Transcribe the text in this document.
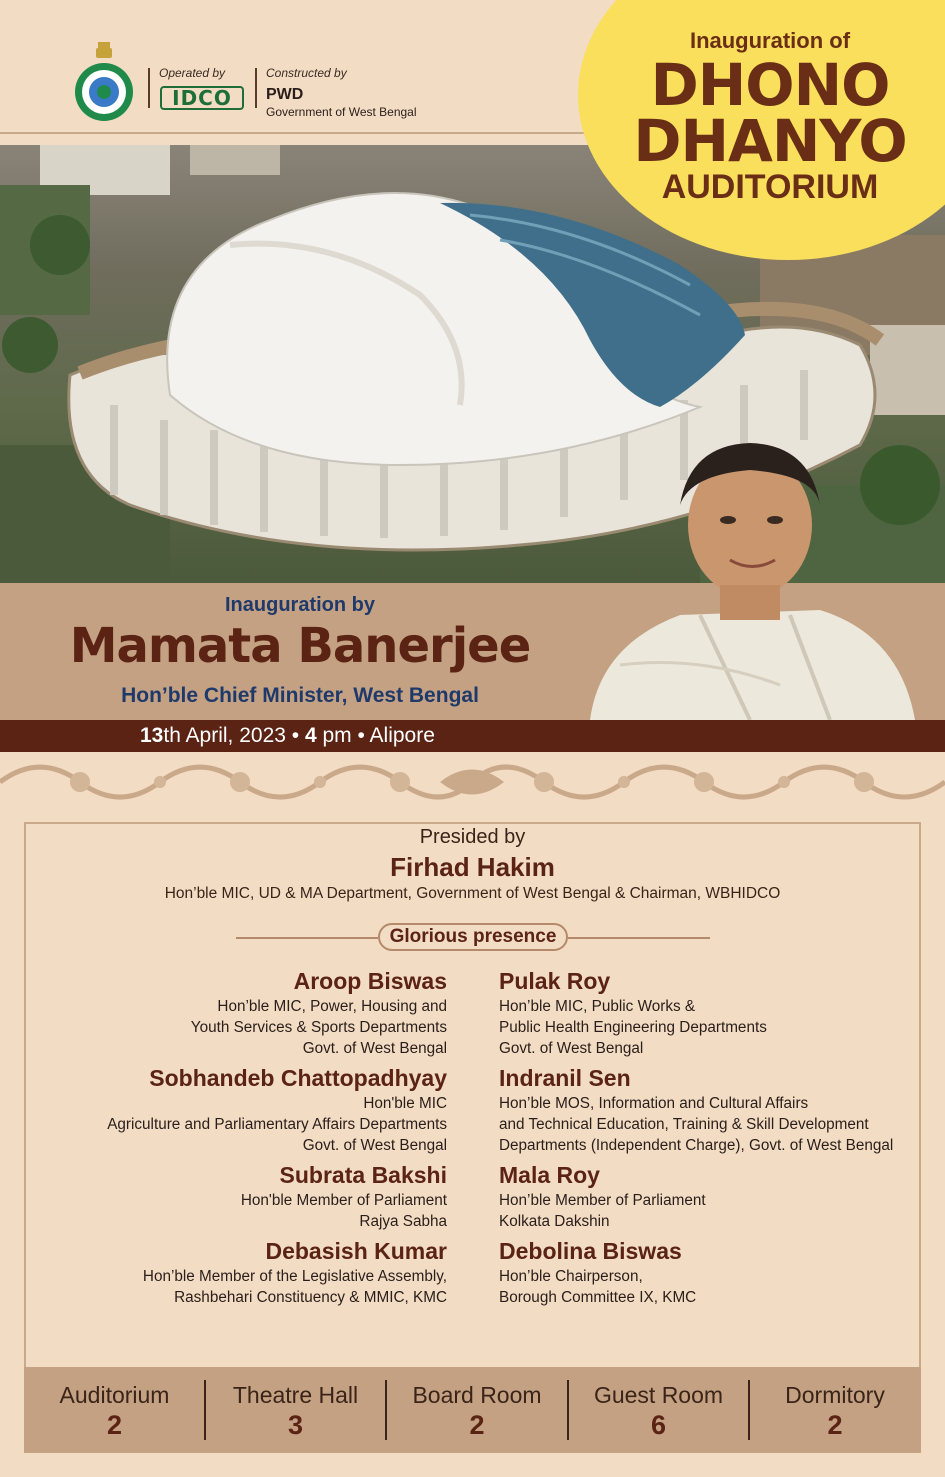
Operated by
IDCO
Constructed by
PWD
Government of West Bengal
Inauguration of
DHONO
DHANYO
AUDITORIUM
Inauguration by
Mamata Banerjee
Hon’ble Chief Minister, West Bengal
13th April, 2023 • 4 pm • Alipore
Presided by
Firhad Hakim
Hon’ble MIC, UD & MA Department, Government of West Bengal & Chairman, WBHIDCO
Glorious presence
Aroop Biswas
Hon’ble MIC, Power, Housing and
Youth Services & Sports Departments
Govt. of West Bengal
Sobhandeb Chattopadhyay
Hon'ble MIC
Agriculture and Parliamentary Affairs Departments
Govt. of West Bengal
Subrata Bakshi
Hon'ble Member of Parliament
Rajya Sabha
Debasish Kumar
Hon’ble Member of the Legislative Assembly,
Rashbehari Constituency & MMIC, KMC
Pulak Roy
Hon’ble MIC, Public Works &
Public Health Engineering Departments
Govt. of West Bengal
Indranil Sen
Hon’ble MOS, Information and Cultural Affairs
and Technical Education, Training & Skill Development
Departments (Independent Charge), Govt. of West Bengal
Mala Roy
Hon’ble Member of Parliament
Kolkata Dakshin
Debolina Biswas
Hon’ble Chairperson,
Borough Committee IX, KMC
Auditorium
2
Theatre Hall
3
Board Room
2
Guest Room
6
Dormitory
2
